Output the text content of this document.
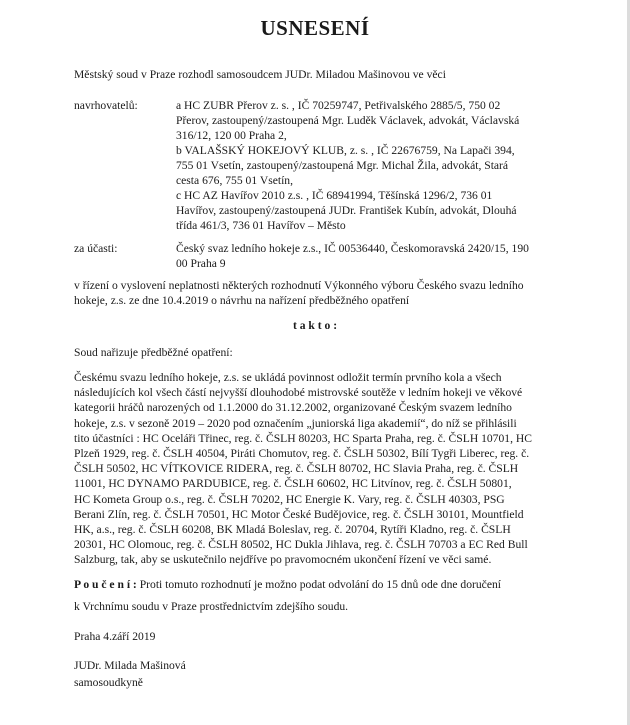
USNESENÍ
Městský soud v Praze rozhodl samosoudcem JUDr. Miladou Mašinovou ve věci
navrhovatelů:	a HC ZUBR Přerov z. s. , IČ 70259747, Petřivalského 2885/5, 750 02
Přerov, zastoupený/zastoupená Mgr. Luděk Václavek, advokát, Václavská
316/12, 120 00 Praha 2,
b VALAŠSKÝ HOKEJOVÝ KLUB, z. s. , IČ 22676759, Na Lapači 394,
755 01 Vsetín, zastoupený/zastoupená Mgr. Michal Žila, advokát, Stará
cesta 676, 755 01 Vsetín,
c HC AZ Havířov 2010 z.s. , IČ 68941994, Těšínská 1296/2, 736 01
Havířov, zastoupený/zastoupená JUDr. František Kubín, advokát, Dlouhá
třída 461/3, 736 01 Havířov – Město
za účasti:	Český svaz ledního hokeje z.s., IČ 00536440, Českomoravská 2420/15, 190
00 Praha 9
v řízení o vyslovení neplatnosti některých rozhodnutí Výkonného výboru Českého svazu ledního
hokeje, z.s. ze dne 10.4.2019 o návrhu na nařízení předběžného opatření
t a k t o :
Soud nařizuje předběžné opatření:
Českému svazu ledního hokeje, z.s. se ukládá povinnost odložit termín prvního kola a všech
následujících kol všech částí nejvyšší dlouhodobé mistrovské soutěže v ledním hokeji ve věkové
kategorii hráčů narozených od 1.1.2000 do 31.12.2002, organizované Českým svazem ledního
hokeje, z.s. v sezoně 2019 – 2020 pod označením „juniorská liga akademií“, do níž se přihlásili
tito účastníci : HC Oceláři Třinec, reg. č. ČSLH 80203, HC Sparta Praha, reg. č. ČSLH 10701, HC
Plzeň 1929, reg. č. ČSLH 40504, Piráti Chomutov, reg. č. ČSLH 50302, Bílí Tygři Liberec, reg. č.
ČSLH 50502, HC VÍTKOVICE RIDERA, reg. č. ČSLH 80702, HC Slavia Praha, reg. č. ČSLH
11001, HC DYNAMO PARDUBICE, reg. č. ČSLH 60602, HC Litvínov, reg. č. ČSLH 50801,
HC Kometa Group o.s., reg. č. ČSLH 70202, HC Energie K. Vary, reg. č. ČSLH 40303, PSG
Berani Zlín, reg. č. ČSLH 70501, HC Motor České Budějovice, reg. č. ČSLH 30101, Mountfield
HK, a.s., reg. č. ČSLH 60208, BK Mladá Boleslav, reg. č. 20704, Rytíři Kladno, reg. č. ČSLH
20301, HC Olomouc, reg. č. ČSLH 80502, HC Dukla Jihlava, reg. č. ČSLH 70703 a EC Red Bull
Salzburg, tak, aby se uskutečnilo nejdříve po pravomocném ukončení řízení ve věci samé.
P o u č e n í : Proti tomuto rozhodnutí je možno podat odvolání do 15 dnů ode dne doručení
k Vrchnímu soudu v Praze prostřednictvím zdejšího soudu.
Praha 4.září 2019
JUDr. Milada Mašinová
samosoudkyně
